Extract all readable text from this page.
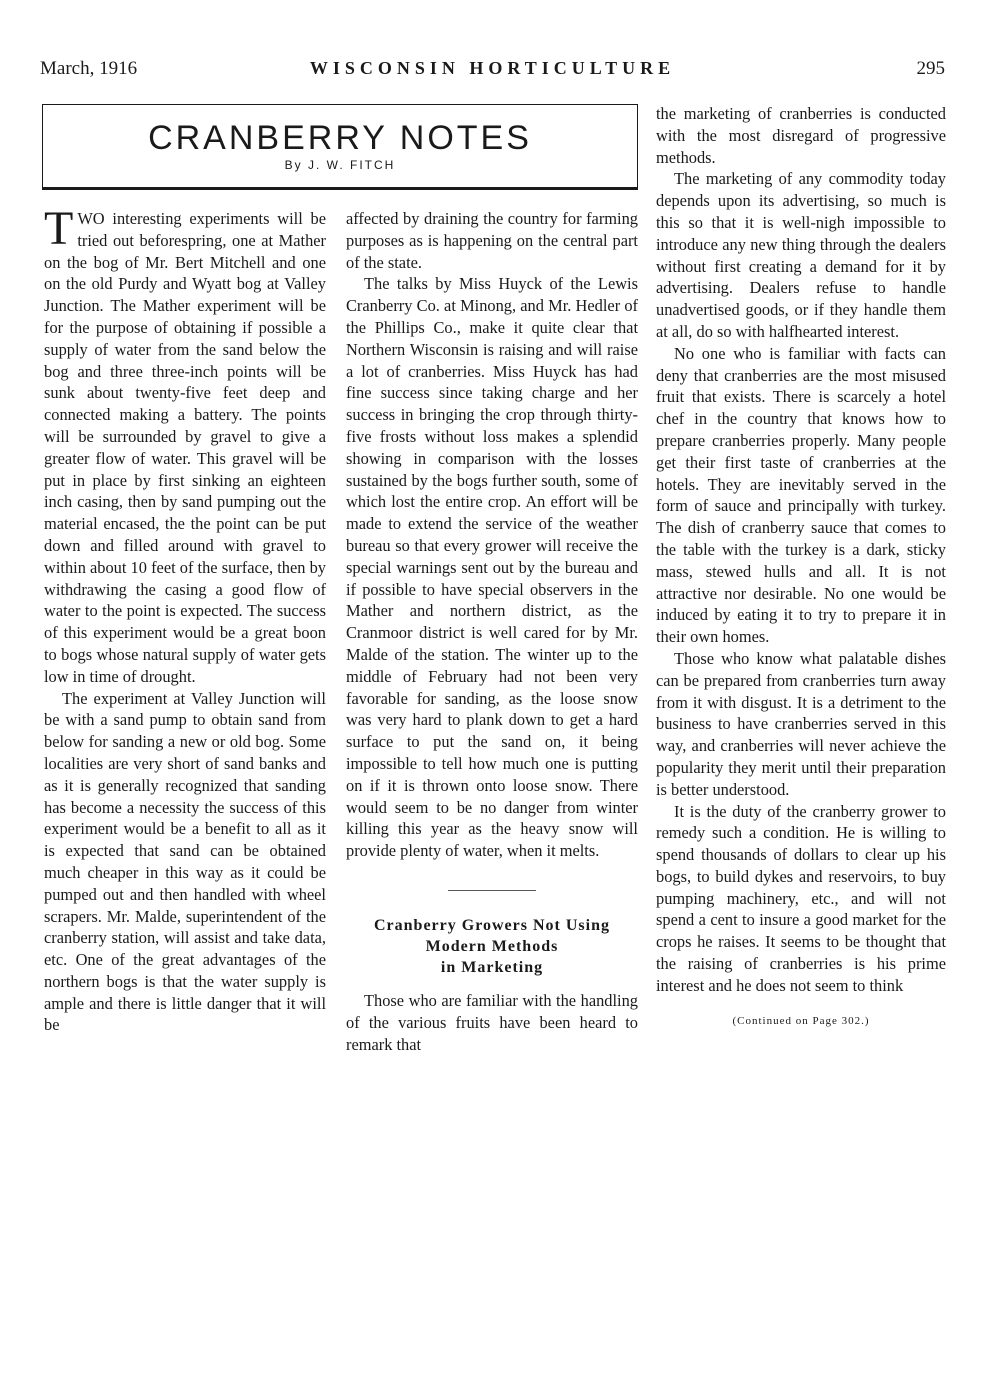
March, 1916	WISCONSIN HORTICULTURE	295
CRANBERRY NOTES
By J. W. FITCH

TWO interesting experiments will be tried out beforespring, one at Mather on the bog of Mr. Bert Mitchell and one on the old Purdy and Wyatt bog at Valley Junction. The Mather experiment will be for the purpose of obtaining if possible a supply of water from the sand below the bog and three three-inch points will be sunk about twenty-five feet deep and connected making a battery. The points will be surrounded by gravel to give a greater flow of water. This gravel will be put in place by first sinking an eighteen inch casing, then by sand pumping out the material encased, the the point can be put down and filled around with gravel to within about 10 feet of the surface, then by withdrawing the casing a good flow of water to the point is expected. The success of this experiment would be a great boon to bogs whose natural supply of water gets low in time of drought.

The experiment at Valley Junction will be with a sand pump to obtain sand from below for sanding a new or old bog. Some localities are very short of sand banks and as it is generally recognized that sanding has become a necessity the success of this experiment would be a benefit to all as it is expected that sand can be obtained much cheaper in this way as it could be pumped out and then handled with wheel scrapers. Mr. Malde, superintendent of the cranberry station, will assist and take data, etc. One of the great advantages of the northern bogs is that the water supply is ample and there is little danger that it will be

affected by draining the country for farming purposes as is happening on the central part of the state.

The talks by Miss Huyck of the Lewis Cranberry Co. at Minong, and Mr. Hedler of the Phillips Co., make it quite clear that Northern Wisconsin is raising and will raise a lot of cranberries. Miss Huyck has had fine success since taking charge and her success in bringing the crop through thirty-five frosts without loss makes a splendid showing in comparison with the losses sustained by the bogs further south, some of which lost the entire crop. An effort will be made to extend the service of the weather bureau so that every grower will receive the special warnings sent out by the bureau and if possible to have special observers in the Mather and northern district, as the Cranmoor district is well cared for by Mr. Malde of the station. The winter up to the middle of February had not been very favorable for sanding, as the loose snow was very hard to plank down to get a hard surface to put the sand on, it being impossible to tell how much one is putting on if it is thrown onto loose snow. There would seem to be no danger from winter killing this year as the heavy snow will provide plenty of water, when it melts.

Cranberry Growers Not Using
Modern Methods
in Marketing

Those who are familiar with the handling of the various fruits have been heard to remark that

the marketing of cranberries is conducted with the most disregard of progressive methods.

The marketing of any commodity today depends upon its advertising, so much is this so that it is well-nigh impossible to introduce any new thing through the dealers without first creating a demand for it by advertising. Dealers refuse to handle unadvertised goods, or if they handle them at all, do so with halfhearted interest.

No one who is familiar with facts can deny that cranberries are the most misused fruit that exists. There is scarcely a hotel chef in the country that knows how to prepare cranberries properly. Many people get their first taste of cranberries at the hotels. They are inevitably served in the form of sauce and principally with turkey. The dish of cranberry sauce that comes to the table with the turkey is a dark, sticky mass, stewed hulls and all. It is not attractive nor desirable. No one would be induced by eating it to try to prepare it in their own homes.

Those who know what palatable dishes can be prepared from cranberries turn away from it with disgust. It is a detriment to the business to have cranberries served in this way, and cranberries will never achieve the popularity they merit until their preparation is better understood.

It is the duty of the cranberry grower to remedy such a condition. He is willing to spend thousands of dollars to clear up his bogs, to build dykes and reservoirs, to buy pumping machinery, etc., and will not spend a cent to insure a good market for the crops he raises. It seems to be thought that the raising of cranberries is his prime interest and he does not seem to think

(Continued on Page 302.)
